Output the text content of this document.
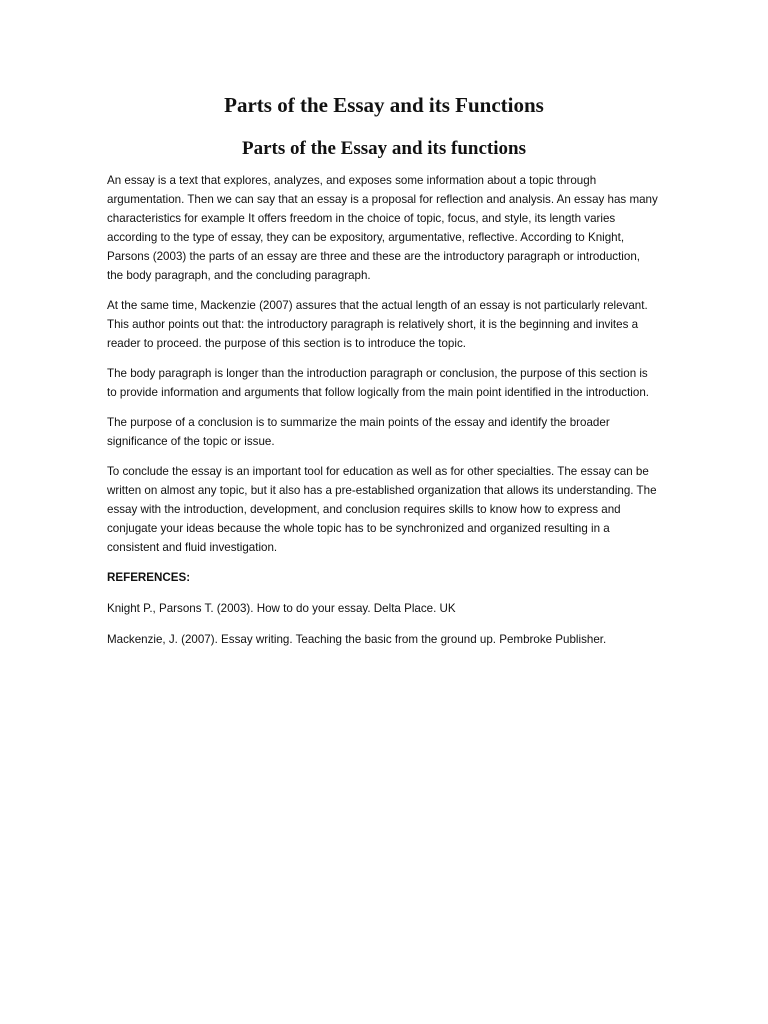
Parts of the Essay and its Functions
Parts of the Essay and its functions

An essay is a text that explores, analyzes, and exposes some information about a topic through argumentation. Then we can say that an essay is a proposal for reflection and analysis. An essay has many characteristics for example It offers freedom in the choice of topic, focus, and style, its length varies according to the type of essay, they can be expository, argumentative, reflective. According to Knight, Parsons (2003) the parts of an essay are three and these are the introductory paragraph or introduction, the body paragraph, and the concluding paragraph.

At the same time, Mackenzie (2007) assures that the actual length of an essay is not particularly relevant. This author points out that: the introductory paragraph is relatively short, it is the beginning and invites a reader to proceed. the purpose of this section is to introduce the topic.

The body paragraph is longer than the introduction paragraph or conclusion, the purpose of this section is to provide information and arguments that follow logically from the main point identified in the introduction.

The purpose of a conclusion is to summarize the main points of the essay and identify the broader significance of the topic or issue.

To conclude the essay is an important tool for education as well as for other specialties. The essay can be written on almost any topic, but it also has a pre-established organization that allows its understanding. The essay with the introduction, development, and conclusion requires skills to know how to express and conjugate your ideas because the whole topic has to be synchronized and organized resulting in a consistent and fluid investigation.

REFERENCES:

Knight P., Parsons T. (2003). How to do your essay. Delta Place. UK

Mackenzie, J. (2007). Essay writing. Teaching the basic from the ground up. Pembroke Publisher.
